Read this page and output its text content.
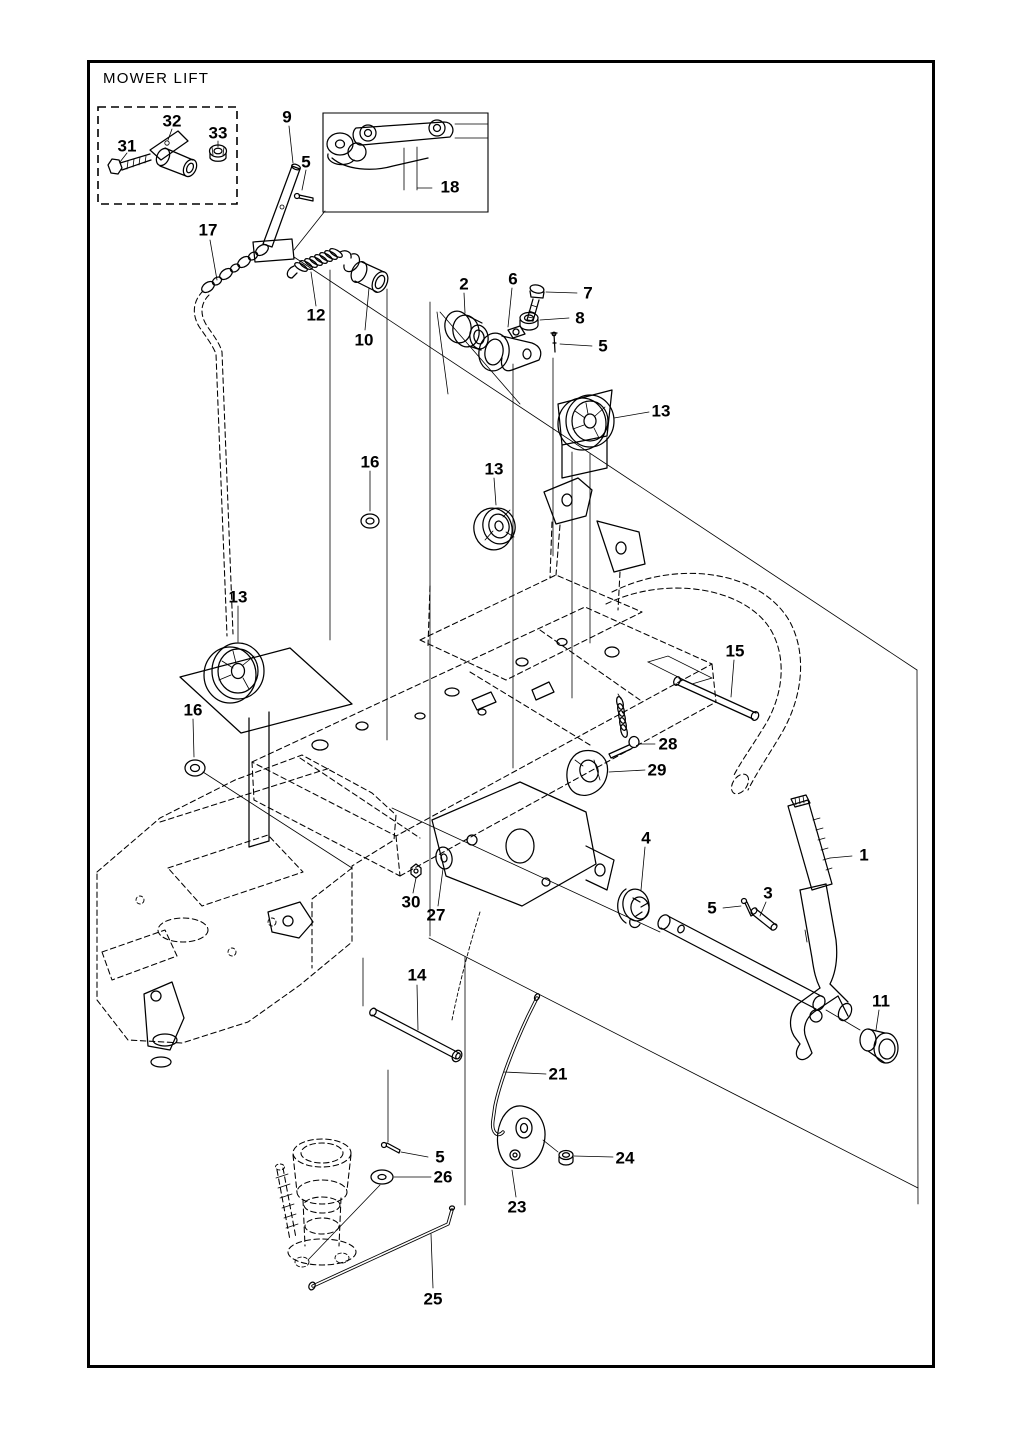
MOWER LIFT
31
32
33
9
5
18
17
12
10
2 6
7
8
5
13
16	13
13
15
16
28
29
4
1
3
30	5
27
14
11
21
5	24
26
23
25
